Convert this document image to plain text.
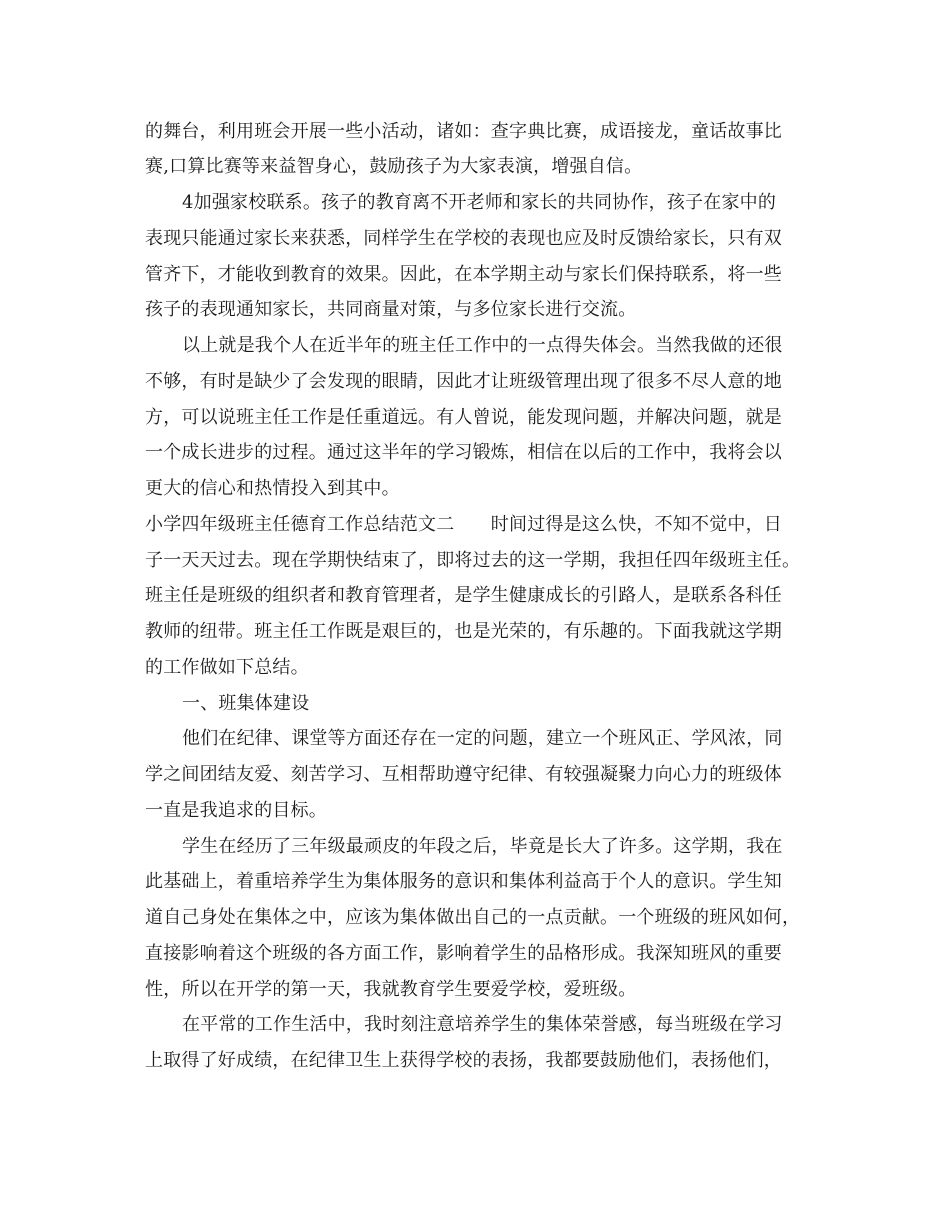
的舞台，利用班会开展一些小活动，诸如：查字典比赛，成语接龙，童话故事比
赛,口算比赛等来益智身心，鼓励孩子为大家表演，增强自信。
4加强家校联系。孩子的教育离不开老师和家长的共同协作，孩子在家中的
表现只能通过家长来获悉，同样学生在学校的表现也应及时反馈给家长，只有双
管齐下，才能收到教育的效果。因此，在本学期主动与家长们保持联系，将一些
孩子的表现通知家长，共同商量对策，与多位家长进行交流。
以上就是我个人在近半年的班主任工作中的一点得失体会。当然我做的还很
不够，有时是缺少了会发现的眼睛，因此才让班级管理出现了很多不尽人意的地
方，可以说班主任工作是任重道远。有人曾说，能发现问题，并解决问题，就是
一个成长进步的过程。通过这半年的学习锻炼，相信在以后的工作中，我将会以
更大的信心和热情投入到其中。
小学四年级班主任德育工作总结范文二　　时间过得是这么快，不知不觉中，日
子一天天过去。现在学期快结束了，即将过去的这一学期，我担任四年级班主任。
班主任是班级的组织者和教育管理者，是学生健康成长的引路人，是联系各科任
教师的纽带。班主任工作既是艰巨的，也是光荣的，有乐趣的。下面我就这学期
的工作做如下总结。
一、班集体建设
他们在纪律、课堂等方面还存在一定的问题，建立一个班风正、学风浓，同
学之间团结友爱、刻苦学习、互相帮助遵守纪律、有较强凝聚力向心力的班级体
一直是我追求的目标。
学生在经历了三年级最顽皮的年段之后，毕竟是长大了许多。这学期，我在
此基础上，着重培养学生为集体服务的意识和集体利益高于个人的意识。学生知
道自己身处在集体之中，应该为集体做出自己的一点贡献。一个班级的班风如何，
直接影响着这个班级的各方面工作，影响着学生的品格形成。我深知班风的重要
性，所以在开学的第一天，我就教育学生要爱学校，爱班级。
在平常的工作生活中，我时刻注意培养学生的集体荣誉感，每当班级在学习
上取得了好成绩，在纪律卫生上获得学校的表扬，我都要鼓励他们，表扬他们，
